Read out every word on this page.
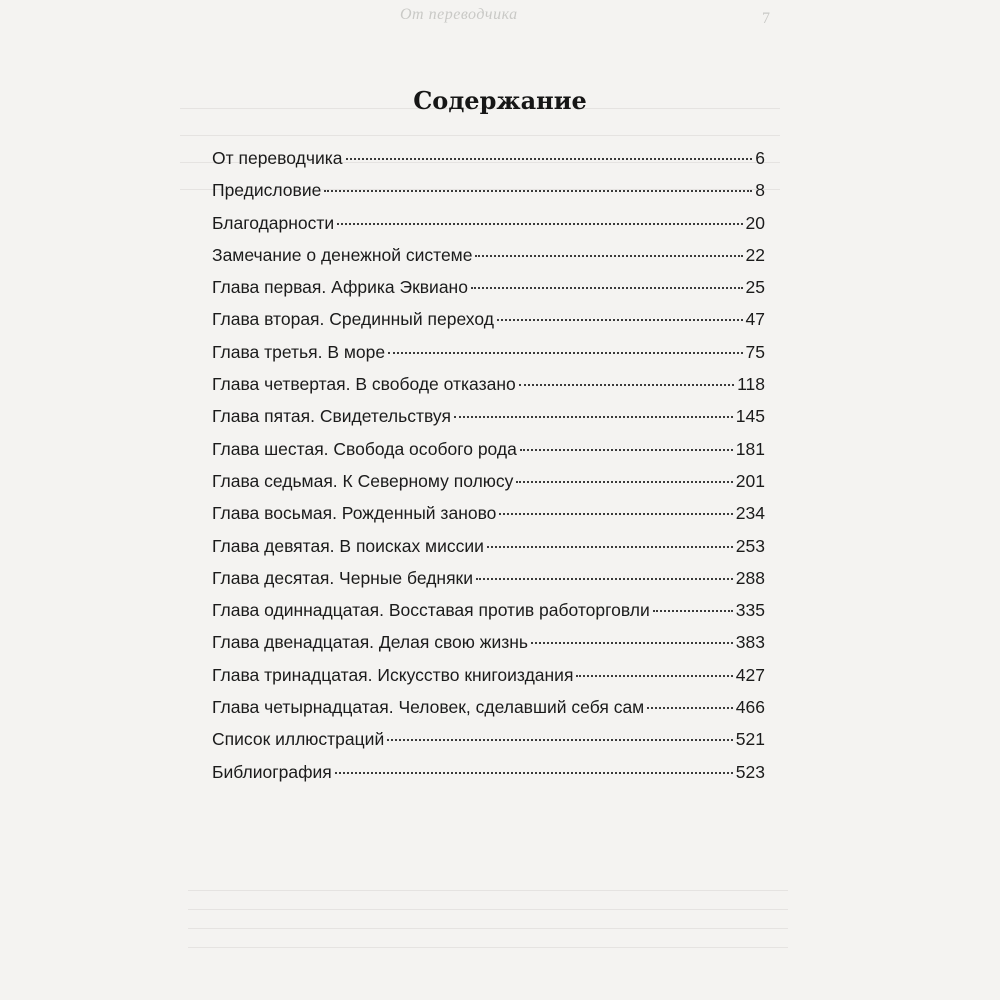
От переводчика	7
Содержание
От переводчика	6
Предисловие	8
Благодарности	20
Замечание о денежной системе	22
Глава первая. Африка Эквиано	25
Глава вторая. Срединный переход	47
Глава третья. В море	75
Глава четвертая. В свободе отказано	118
Глава пятая. Свидетельствуя	145
Глава шестая. Свобода особого рода	181
Глава седьмая. К Северному полюсу	201
Глава восьмая. Рожденный заново	234
Глава девятая. В поисках миссии	253
Глава десятая. Черные бедняки	288
Глава одиннадцатая. Восставая против работорговли	335
Глава двенадцатая. Делая свою жизнь	383
Глава тринадцатая. Искусство книгоиздания	427
Глава четырнадцатая. Человек, сделавший себя сам	466
Список иллюстраций	521
Библиография	523
